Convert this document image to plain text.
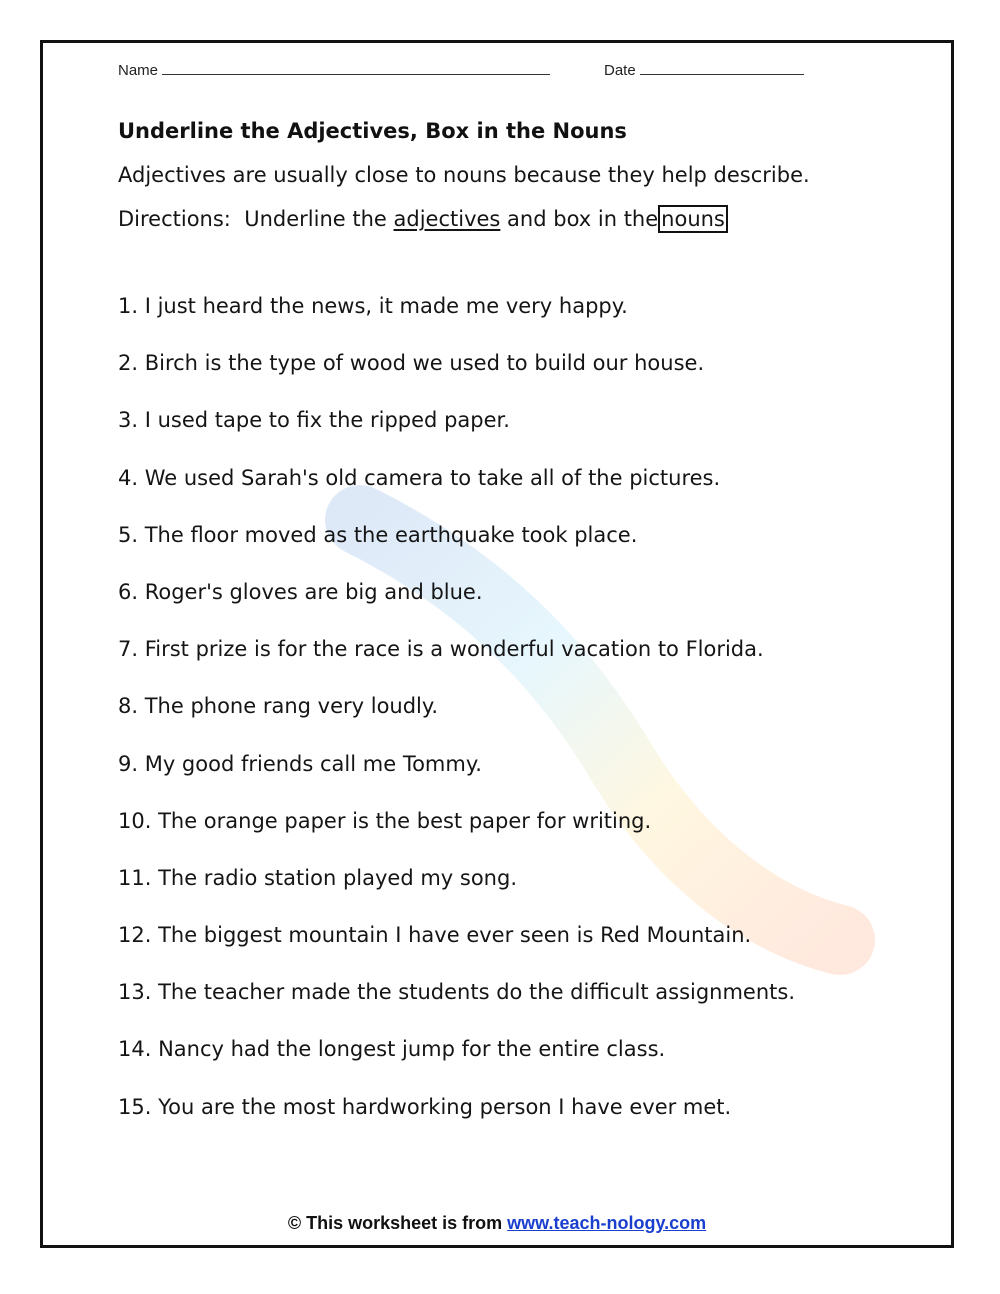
Name	Date
Underline the Adjectives, Box in the Nouns
Adjectives are usually close to nouns because they help describe.
Directions:  Underline the adjectives and box in the nouns
1. I just heard the news, it made me very happy.
2. Birch is the type of wood we used to build our house.
3. I used tape to fix the ripped paper.
4. We used Sarah's old camera to take all of the pictures.
5. The floor moved as the earthquake took place.
6. Roger's gloves are big and blue.
7. First prize is for the race is a wonderful vacation to Florida.
8. The phone rang very loudly.
9. My good friends call me Tommy.
10. The orange paper is the best paper for writing.
11. The radio station played my song.
12. The biggest mountain I have ever seen is Red Mountain.
13. The teacher made the students do the difficult assignments.
14. Nancy had the longest jump for the entire class.
15. You are the most hardworking person I have ever met.
© This worksheet is from www.teach-nology.com
